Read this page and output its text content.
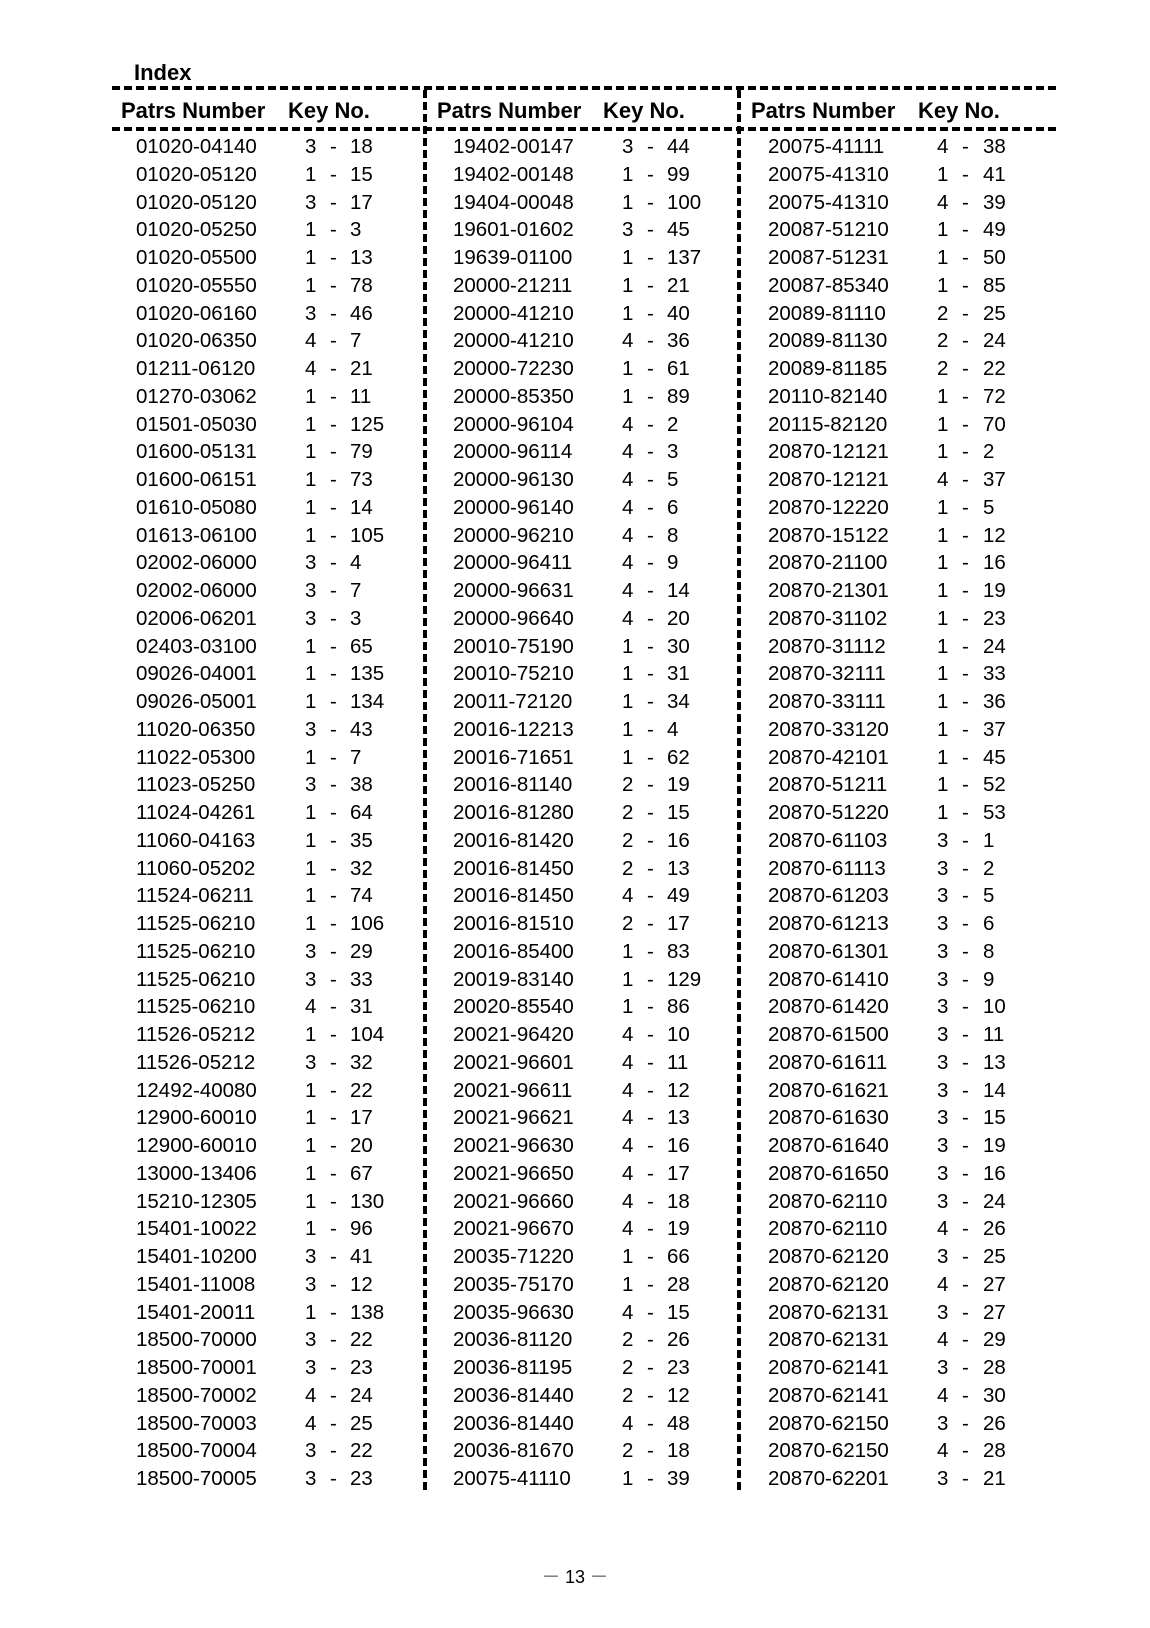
Index
Patrs Number Key No.	Patrs Number Key No.	Patrs Number Key No.
01020-04140 3 - 18
01020-05120 1 - 15
01020-05120 3 - 17
01020-05250 1 - 3
01020-05500 1 - 13
01020-05550 1 - 78
01020-06160 3 - 46
01020-06350 4 - 7
01211-06120 4 - 21
01270-03062 1 - 11
01501-05030 1 - 125
01600-05131 1 - 79
01600-06151 1 - 73
01610-05080 1 - 14
01613-06100 1 - 105
02002-06000 3 - 4
02002-06000 3 - 7
02006-06201 3 - 3
02403-03100 1 - 65
09026-04001 1 - 135
09026-05001 1 - 134
11020-06350 3 - 43
11022-05300 1 - 7
11023-05250 3 - 38
11024-04261 1 - 64
11060-04163 1 - 35
11060-05202 1 - 32
11524-06211 1 - 74
11525-06210 1 - 106
11525-06210 3 - 29
11525-06210 3 - 33
11525-06210 4 - 31
11526-05212 1 - 104
11526-05212 3 - 32
12492-40080 1 - 22
12900-60010 1 - 17
12900-60010 1 - 20
13000-13406 1 - 67
15210-12305 1 - 130
15401-10022 1 - 96
15401-10200 3 - 41
15401-11008 3 - 12
15401-20011 1 - 138
18500-70000 3 - 22
18500-70001 3 - 23
18500-70002 4 - 24
18500-70003 4 - 25
18500-70004 3 - 22
18500-70005 3 - 23
19402-00147 3 - 44
19402-00148 1 - 99
19404-00048 1 - 100
19601-01602 3 - 45
19639-01100 1 - 137
20000-21211 1 - 21
20000-41210 1 - 40
20000-41210 4 - 36
20000-72230 1 - 61
20000-85350 1 - 89
20000-96104 4 - 2
20000-96114 4 - 3
20000-96130 4 - 5
20000-96140 4 - 6
20000-96210 4 - 8
20000-96411 4 - 9
20000-96631 4 - 14
20000-96640 4 - 20
20010-75190 1 - 30
20010-75210 1 - 31
20011-72120 1 - 34
20016-12213 1 - 4
20016-71651 1 - 62
20016-81140 2 - 19
20016-81280 2 - 15
20016-81420 2 - 16
20016-81450 2 - 13
20016-81450 4 - 49
20016-81510 2 - 17
20016-85400 1 - 83
20019-83140 1 - 129
20020-85540 1 - 86
20021-96420 4 - 10
20021-96601 4 - 11
20021-96611 4 - 12
20021-96621 4 - 13
20021-96630 4 - 16
20021-96650 4 - 17
20021-96660 4 - 18
20021-96670 4 - 19
20035-71220 1 - 66
20035-75170 1 - 28
20035-96630 4 - 15
20036-81120 2 - 26
20036-81195 2 - 23
20036-81440 2 - 12
20036-81440 4 - 48
20036-81670 2 - 18
20075-41110 1 - 39
20075-41111	4 - 38
20075-41310 1 - 41
20075-41310 4 - 39
20087-51210 1 - 49
20087-51231 1 - 50
20087-85340 1 - 85
20089-81110 2 - 25
20089-81130 2 - 24
20089-81185 2 - 22
20110-82140 1 - 72
20115-82120 1 - 70
20870-12121 1 - 2
20870-12121 4 - 37
20870-12220 1 - 5
20870-15122 1 - 12
20870-21100 1 - 16
20870-21301 1 - 19
20870-31102 1 - 23
20870-31112 1 - 24
20870-32111 1 - 33
20870-33111 1 - 36
20870-33120 1 - 37
20870-42101 1 - 45
20870-51211 1 - 52
20870-51220 1 - 53
20870-61103 3 - 1
20870-61113 3 - 2
20870-61203 3 - 5
20870-61213 3 - 6
20870-61301 3 - 8
20870-61410 3 - 9
20870-61420 3 - 10
20870-61500 3 - 11
20870-61611 3 - 13
20870-61621 3 - 14
20870-61630 3 - 15
20870-61640 3 - 19
20870-61650 3 - 16
20870-62110 3 - 24
20870-62110 4 - 26
20870-62120 3 - 25
20870-62120 4 - 27
20870-62131 3 - 27
20870-62131 4 - 29
20870-62141 3 - 28
20870-62141 4 - 30
20870-62150 3 - 26
20870-62150 4 - 28
20870-62201 3 - 21
－ 13 －
